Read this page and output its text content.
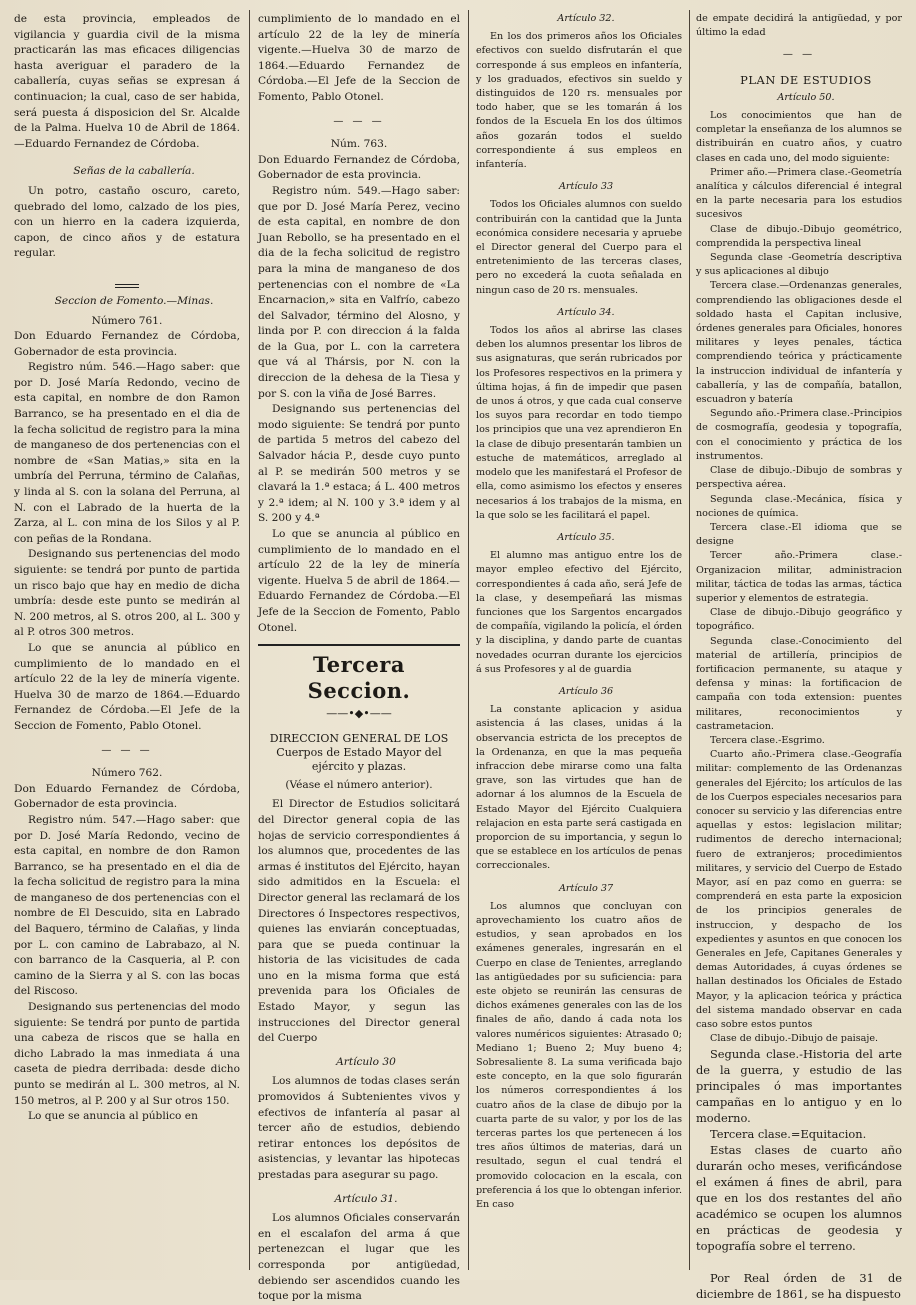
de esta provincia, empleados de vigilancia y guardia civil de la misma practicarán las mas eficaces diligencias hasta averiguar el paradero de la caballería, cuyas señas se expresan á continuacion; la cual, caso de ser habida, será puesta á disposicion del Sr. Alcalde de la Palma. Huelva 10 de Abril de 1864.—Eduardo Fernandez de Córdoba.

Señas de la caballería.

Un potro, castaño oscuro, careto, quebrado del lomo, calzado de los pies, con un hierro en la cadera izquierda, capon, de cinco años y de estatura regular.

Seccion de Fomento.—Minas.

Número 761.

Don Eduardo Fernandez de Córdoba, Gobernador de esta provincia.

Registro núm. 546.—Hago saber: que por D. José María Redondo, vecino de esta capital, en nombre de don Ramon Barranco, se ha presentado en el dia de la fecha solicitud de registro para la mina de manganeso de dos pertenencias con el nombre de «San Matias,» sita en la umbría del Perruna, término de Calañas, y linda al S. con la solana del Perruna, al N. con el Labrado de la huerta de la Zarza, al L. con mina de los Silos y al P. con peñas de la Rondana.

Designando sus pertenencias del modo siguiente: se tendrá por punto de partida un risco bajo que hay en medio de dicha umbría: desde este punto se medirán al N. 200 metros, al S. otros 200, al L. 300 y al P. otros 300 metros.

Lo que se anuncia al público en cumplimiento de lo mandado en el artículo 22 de la ley de minería vigente. Huelva 30 de marzo de 1864.—Eduardo Fernandez de Córdoba.—El Jefe de la Seccion de Fomento, Pablo Otonel.

— — —

Número 762.

Don Eduardo Fernandez de Córdoba, Gobernador de esta provincia.

Registro núm. 547.—Hago saber: que por D. José María Redondo, vecino de esta capital, en nombre de don Ramon Barranco, se ha presentado en el dia de la fecha solicitud de registro para la mina de manganeso de dos pertenencias con el nombre de El Descuido, sita en Labrado del Baquero, término de Calañas, y linda por L. con camino de Labrabazo, al N. con barranco de la Casqueria, al P. con camino de la Sierra y al S. con las bocas del Riscoso.

Designando sus pertenencias del modo siguiente: Se tendrá por punto de partida una cabeza de riscos que se halla en dicho Labrado la mas inmediata á una caseta de piedra derribada: desde dicho punto se medirán al L. 300 metros, al N. 150 metros, al P. 200 y al Sur otros 150.

Lo que se anuncia al público en

cumplimiento de lo mandado en el artículo 22 de la ley de minería vigente.—Huelva 30 de marzo de 1864.—Eduardo Fernandez de Córdoba.—El Jefe de la Seccion de Fomento, Pablo Otonel.

— — —

Núm. 763.

Don Eduardo Fernandez de Córdoba, Gobernador de esta provincia.

Registro núm. 549.—Hago saber: que por D. José María Perez, vecino de esta capital, en nombre de don Juan Rebollo, se ha presentado en el dia de la fecha solicitud de registro para la mina de manganeso de dos pertenencias con el nombre de «La Encarnacion,» sita en Valfrío, cabezo del Salvador, término del Alosno, y linda por P. con direccion á la falda de la Gua, por L. con la carretera que vá al Thársis, por N. con la direccion de la dehesa de la Tiesa y por S. con la viña de José Barres.

Designando sus pertenencias del modo siguiente: Se tendrá por punto de partida 5 metros del cabezo del Salvador hácia P., desde cuyo punto al P. se medirán 500 metros y se clavará la 1.ª estaca; á L. 400 metros y 2.ª idem; al N. 100 y 3.ª idem y al S. 200 y 4.ª

Lo que se anuncia al público en cumplimiento de lo mandado en el artículo 22 de la ley de minería vigente. Huelva 5 de abril de 1864.—Eduardo Fernandez de Córdoba.—El Jefe de la Seccion de Fomento, Pablo Otonel.

Tercera Seccion.
——•◆•——

DIRECCION GENERAL DE LOS Cuerpos de Estado Mayor del ejército y plazas.

(Véase el número anterior).

El Director de Estudios solicitará del Director general copia de las hojas de servicio correspondientes á los alumnos que, procedentes de las armas é institutos del Ejército, hayan sido admitidos en la Escuela: el Director general las reclamará de los Directores ó Inspectores respectivos, quienes las enviarán conceptuadas, para que se pueda continuar la historia de las vicisitudes de cada uno en la misma forma que está prevenida para los Oficiales de Estado Mayor, y segun las instrucciones del Director general del Cuerpo

Artículo 30

Los alumnos de todas clases serán promovidos á Subtenientes vivos y efectivos de infantería al pasar al tercer año de estudios, debiendo retirar entonces los depósitos de asistencias, y levantar las hipotecas prestadas para asegurar su pago.

Artículo 31.

Los alumnos Oficiales conservarán en el escalafon del arma á que pertenezcan el lugar que les corresponda por antigüedad, debiendo ser ascendidos cuando les toque por la misma

Artículo 32.

En los dos primeros años los Oficiales efectivos con sueldo disfrutarán el que corresponde á sus empleos en infantería, y los graduados, efectivos sin sueldo y distinguidos de 120 rs. mensuales por todo haber, que se les tomarán á los fondos de la Escuela En los dos últimos años gozarán todos el sueldo correspondiente á sus empleos en infantería.

Artículo 33

Todos los Oficiales alumnos con sueldo contribuirán con la cantidad que la Junta económica considere necesaria y apruebe el Director general del Cuerpo para el entretenimiento de las terceras clases, pero no excederá la cuota señalada en ningun caso de 20 rs. mensuales.

Artículo 34.

Todos los años al abrirse las clases deben los alumnos presentar los libros de sus asignaturas, que serán rubricados por los Profesores respectivos en la primera y última hojas, á fin de impedir que pasen de unos á otros, y que cada cual conserve los suyos para recordar en todo tiempo los principios que una vez aprendieron En la clase de dibujo presentarán tambien un estuche de matemáticos, arreglado al modelo que les manifestará el Profesor de ella, como asimismo los efectos y enseres necesarios á los trabajos de la misma, en la que solo se les facilitará el papel.

Artículo 35.

El alumno mas antiguo entre los de mayor empleo efectivo del Ejército, correspondientes á cada año, será Jefe de la clase, y desempeñará las mismas funciones que los Sargentos encargados de compañía, vigilando la policía, el órden y la disciplina, y dando parte de cuantas novedades ocurran durante los ejercicios á sus Profesores y al de guardia

Artículo 36

La constante aplicacion y asidua asistencia á las clases, unidas á la observancia estricta de los preceptos de la Ordenanza, en que la mas pequeña infraccion debe mirarse como una falta grave, son las virtudes que han de adornar á los alumnos de la Escuela de Estado Mayor del Ejército Cualquiera relajacion en esta parte será castigada en proporcion de su importancia, y segun lo que se establece en los artículos de penas correccionales.

Artículo 37

Los alumnos que concluyan con aprovechamiento los cuatro años de estudios, y sean aprobados en los exámenes generales, ingresarán en el Cuerpo en clase de Tenientes, arreglando las antigüedades por su suficiencia: para este objeto se reunirán las censuras de dichos exámenes generales con las de los finales de año, dando á cada nota los valores numéricos siguientes: Atrasado 0; Mediano 1; Bueno 2; Muy bueno 4; Sobresaliente 8. La suma verificada bajo este concepto, en la que solo figurarán los números correspondientes á los cuatro años de la clase de dibujo por la cuarta parte de su valor, y por los de las terceras partes los que pertenecen á los tres años últimos de materias, dará un resultado, segun el cual tendrá el promovido colocacion en la escala, con preferencia á los que lo obtengan inferior. En caso

de empate decidirá la antigüedad, y por último la edad

— —

PLAN DE ESTUDIOS

Artículo 50.

Los conocimientos que han de completar la enseñanza de los alumnos se distribuirán en cuatro años, y cuatro clases en cada uno, del modo siguiente:

Primer año.—Primera clase.-Geometría analítica y cálculos diferencial é integral en la parte necesaria para los estudios sucesivos

Clase de dibujo.-Dibujo geométrico, comprendida la perspectiva lineal

Segunda clase -Geometría descriptiva y sus aplicaciones al dibujo

Tercera clase.—Ordenanzas generales, comprendiendo las obligaciones desde el soldado hasta el Capitan inclusive, órdenes generales para Oficiales, honores militares y leyes penales, táctica comprendiendo teórica y prácticamente la instruccion individual de infantería y caballería, y las de compañía, batallon, escuadron y batería

Segundo año.-Primera clase.-Principios de cosmografía, geodesia y topografía, con el conocimiento y práctica de los instrumentos.

Clase de dibujo.-Dibujo de sombras y perspectiva aérea.

Segunda clase.-Mecánica, física y nociones de química.

Tercera clase.-El idioma que se designe

Tercer año.-Primera clase.-Organizacion militar, administracion militar, táctica de todas las armas, táctica superior y elementos de estrategia.

Clase de dibujo.-Dibujo geográfico y topográfico.

Segunda clase.-Conocimiento del material de artillería, principios de fortificacion permanente, su ataque y defensa y minas: la fortificacion de campaña con toda extension: puentes militares, reconocimientos y castrametacion.

Tercera clase.-Esgrimo.

Cuarto año.-Primera clase.-Geografía militar: complemento de las Ordenanzas generales del Ejército; los artículos de las de los Cuerpos especiales necesarios para conocer su servicio y las diferencias entre aquellas y estos: legislacion militar; rudimentos de derecho internacional; fuero de extranjeros; procedimientos militares, y servicio del Cuerpo de Estado Mayor, así en paz como en guerra: se comprenderá en esta parte la exposicion de los principios generales de instruccion, y despacho de los expedientes y asuntos en que conocen los Generales en Jefe, Capitanes Generales y demas Autoridades, á cuyas órdenes se hallan destinados los Oficiales de Estado Mayor, y la aplicacion teórica y práctica del sistema mandado observar en cada caso sobre estos puntos

Clase de dibujo.-Dibujo de paisaje.

Segunda clase.-Historia del arte de la guerra, y estudio de las principales ó mas importantes campañas en lo antiguo y en lo moderno.

Tercera clase.=Equitacion.

Estas clases de cuarto año durarán ocho meses, verificándose el exámen á fines de abril, para que en los dos restantes del año académico se ocupen los alumnos en prácticas de geodesia y topografía sobre el terreno.

Por Real órden de 31 de diciembre de 1861, se ha dispuesto
